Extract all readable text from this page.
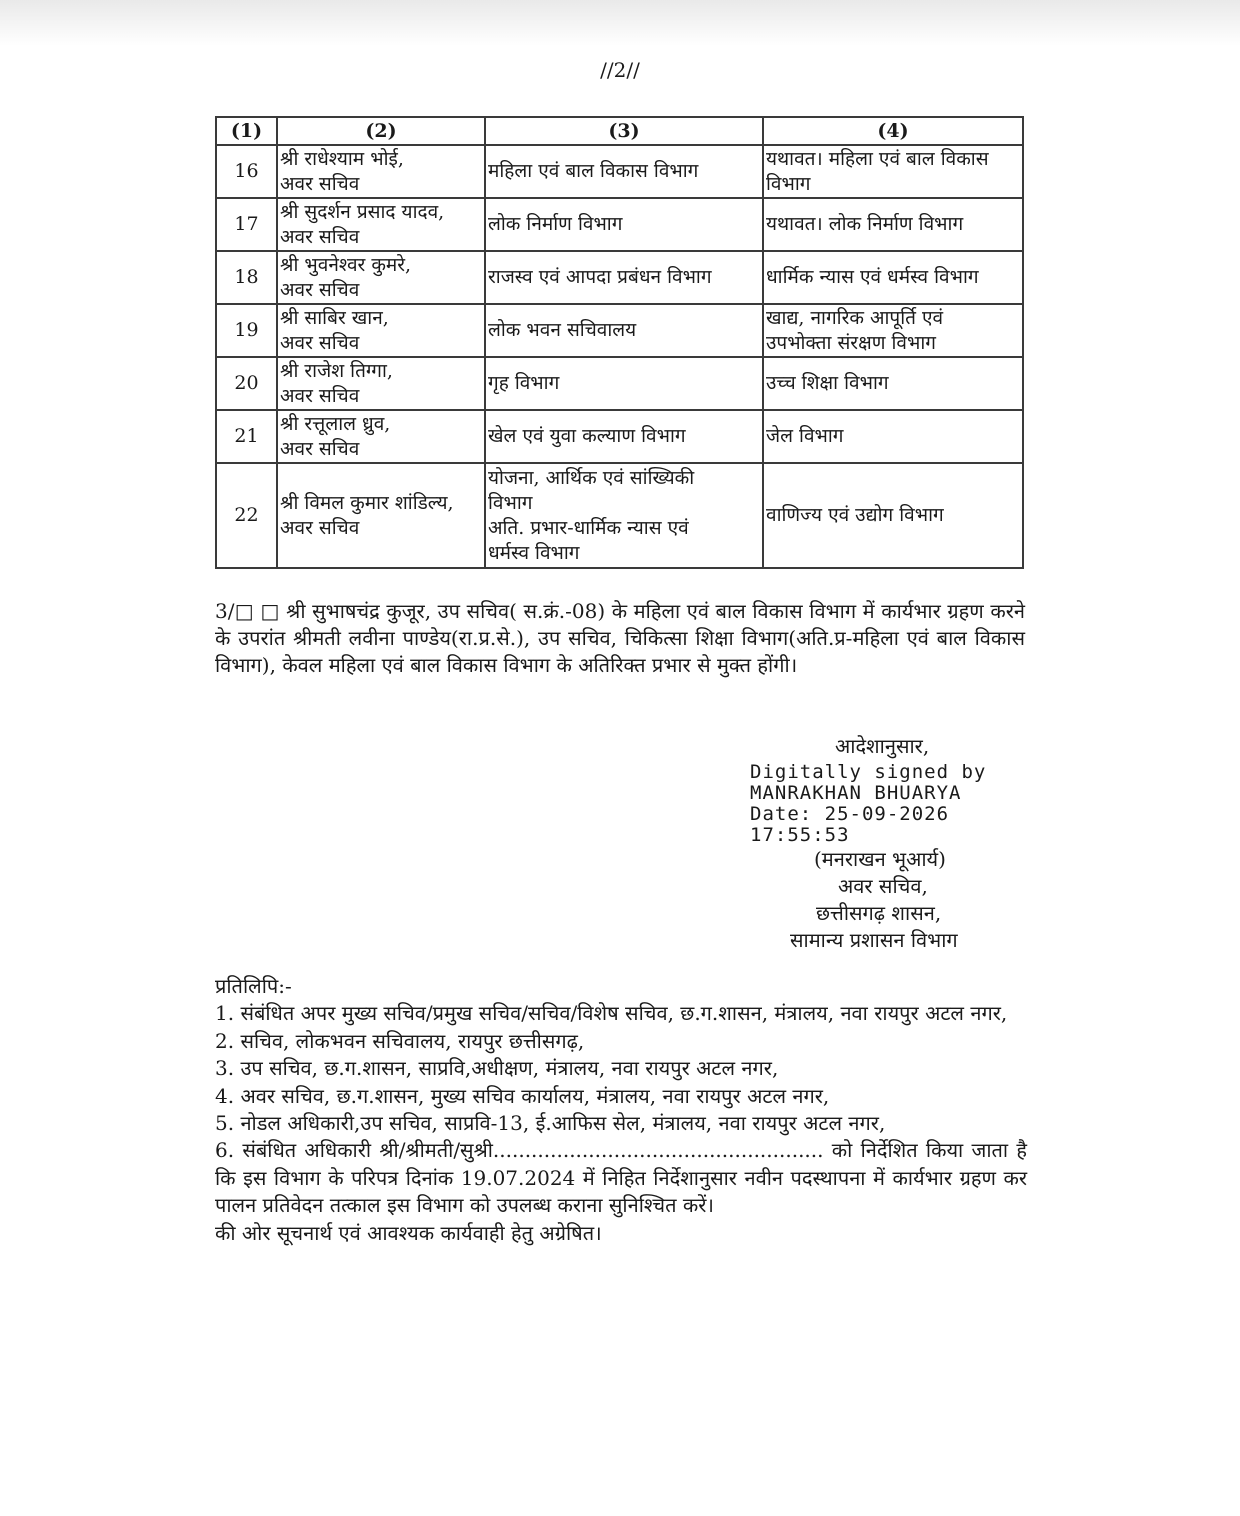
//2//
(1)	(2)	(3)	(4)
16	श्री राधेश्याम भोई,
अवर सचिव	महिला एवं बाल विकास विभाग	यथावत। महिला एवं बाल विकास
विभाग

17	श्री सुदर्शन प्रसाद यादव,
अवर सचिव	लोक निर्माण विभाग	यथावत। लोक निर्माण विभाग

18	श्री भुवनेश्वर कुमरे,
अवर सचिव	राजस्व एवं आपदा प्रबंधन विभाग	धार्मिक न्यास एवं धर्मस्व विभाग

19	श्री साबिर खान,
अवर सचिव	लोक भवन सचिवालय	खाद्य, नागरिक आपूर्ति एवं
उपभोक्ता संरक्षण विभाग

20	श्री राजेश तिग्गा,
अवर सचिव	गृह विभाग	उच्च शिक्षा विभाग

21	श्री रत्तूलाल ध्रुव,
अवर सचिव	खेल एवं युवा कल्याण विभाग	जेल विभाग

22	श्री विमल कुमार शांडिल्य,
अवर सचिव	योजना, आर्थिक एवं सांख्यिकी
विभाग
अति. प्रभार-धार्मिक न्यास एवं
धर्मस्व विभाग	वाणिज्य एवं उद्योग विभाग

3/□ □ श्री सुभाषचंद्र कुजूर, उप सचिव( स.क्रं.-08) के महिला एवं बाल विकास विभाग में कार्यभार ग्रहण करने के उपरांत श्रीमती लवीना पाण्डेय(रा.प्र.से.), उप सचिव, चिकित्सा शिक्षा विभाग(अति.प्र-महिला एवं बाल विकास विभाग), केवल महिला एवं बाल विकास विभाग के अतिरिक्त प्रभार से मुक्त होंगी।

आदेशानुसार,
Digitally signed by
MANRAKHAN BHUARYA
Date: 25-09-2026
17:55:53
(मनराखन भूआर्य)
अवर सचिव,
छत्तीसगढ़ शासन,
सामान्य प्रशासन विभाग

प्रतिलिपि:-

1. संबंधित अपर मुख्य सचिव/प्रमुख सचिव/सचिव/विशेष सचिव, छ.ग.शासन, मंत्रालय, नवा रायपुर अटल नगर,

2. सचिव, लोकभवन सचिवालय, रायपुर छत्तीसगढ़,

3. उप सचिव, छ.ग.शासन, साप्रवि,अधीक्षण, मंत्रालय, नवा रायपुर अटल नगर,

4. अवर सचिव, छ.ग.शासन, मुख्य सचिव कार्यालय, मंत्रालय, नवा रायपुर अटल नगर,

5. नोडल अधिकारी,उप सचिव, साप्रवि-13, ई.आफिस सेल, मंत्रालय, नवा रायपुर अटल नगर,

6. संबंधित अधिकारी श्री/श्रीमती/सुश्री.................................................... को निर्देशित किया जाता है कि इस विभाग के परिपत्र दिनांक 19.07.2024 में निहित निर्देशानुसार नवीन पदस्थापना में कार्यभार ग्रहण कर पालन प्रतिवेदन तत्काल इस विभाग को उपलब्ध कराना सुनिश्चित करें।

की ओर सूचनार्थ एवं आवश्यक कार्यवाही हेतु अग्रेषित।
